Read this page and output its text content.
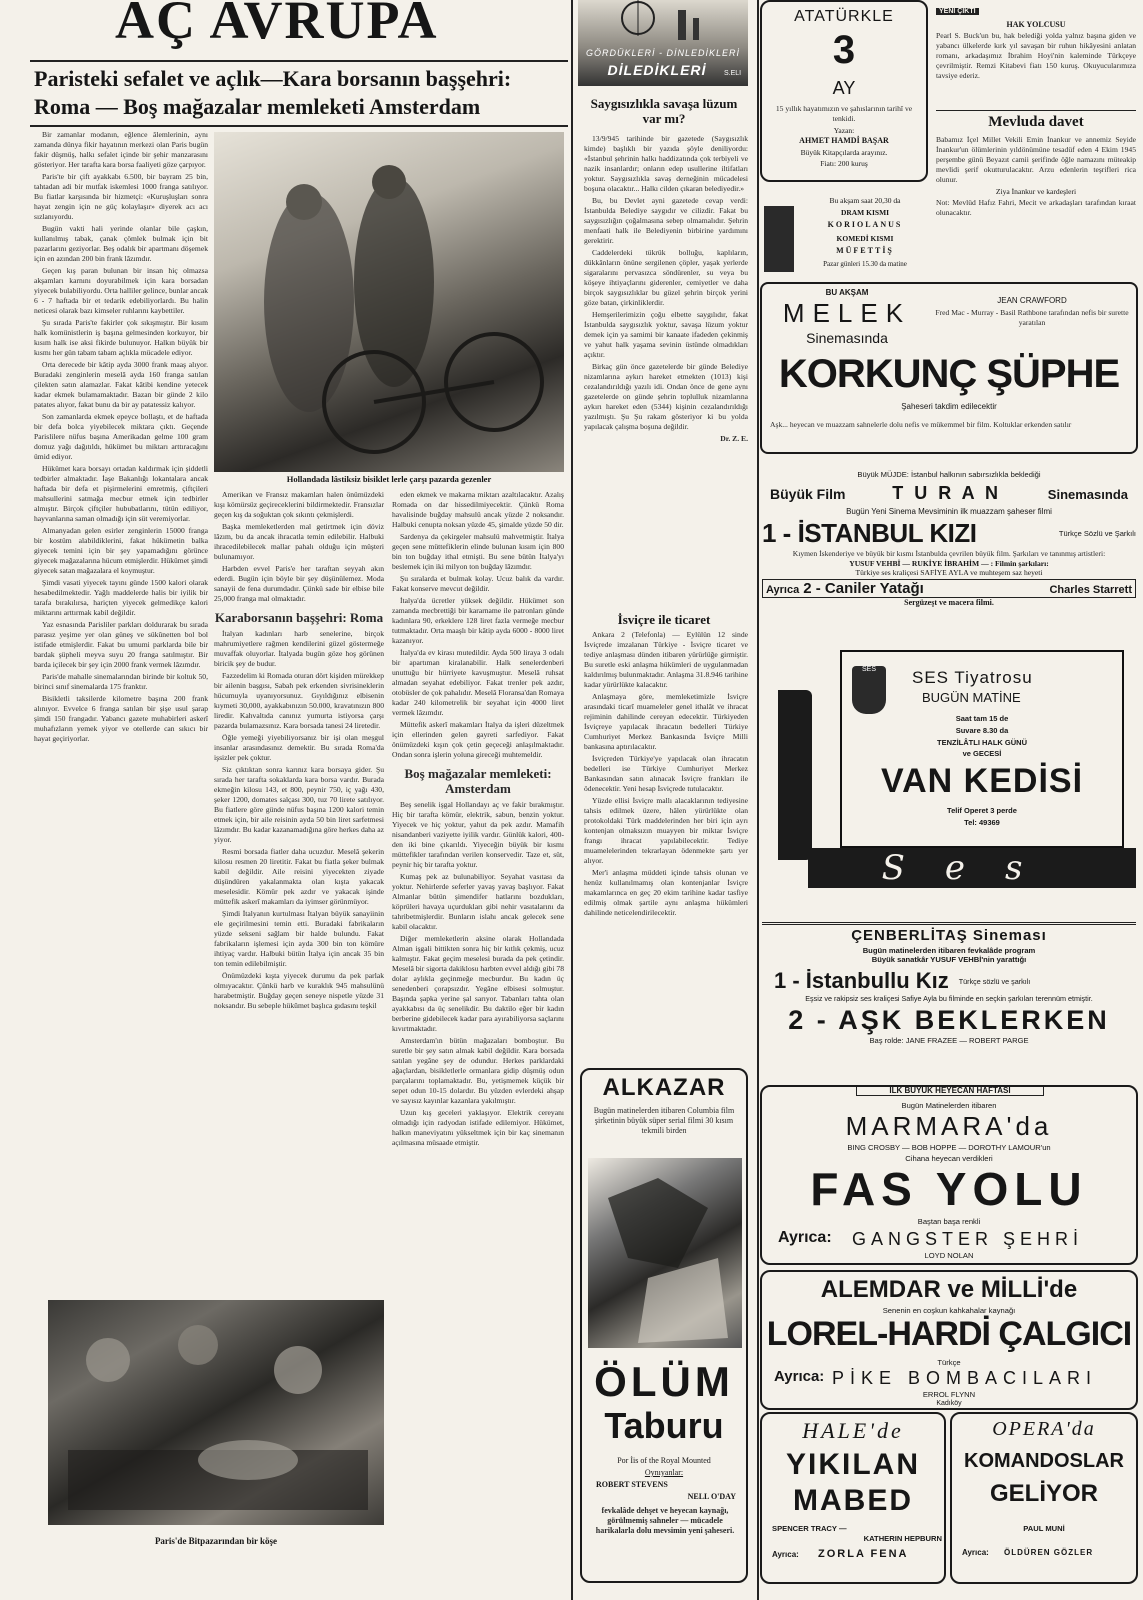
AÇ AVRUPA
Paristeki sefalet ve açlık—Kara borsanın başşehri:
Roma — Boş mağazalar memleketi Amsterdam

Bir zamanlar modanın, eğlence âlemlerinin, aynı zamanda dünya fikir hayatının merkezi olan Paris bugün fakir düşmüş, halkı sefalet içinde bir şehir manzarasını gösteriyor. Her tarafta kara borsa faaliyeti göze çarpıyor.

Paris'te bir çift ayakkabı 6.500, bir bayram 25 bin, tahtadan adi bir mutfak iskemlesi 1000 franga satılıyor. Bu fiatlar karşısında bir hizmetçi: «Kuruşluşları sonra hayat zengin için ne güç kolaylaşır» diyerek acı acı sızlanıyordu.

Bugün vakti hali yerinde olanlar bile çaşkın, kullanılmış tabak, çanak çömlek bulmak için bit pazarlarını geziyorlar. Beş odalık bir apartmanı döşemek için en azından 200 bin frank lâzımdır.

Geçen kış paran bulunan bir insan hiç olmazsa akşamları karnını doyurabilmek için kara borsadan yiyecek bulabiliyordu. Orta halliler gelince, bunlar ancak 6 - 7 haftada bir et tedarik edebiliyorlardı. Bu halin neticesi olarak bazı kimseler ruhlarını kaybettiler.

Şu sırada Paris'te fakirler çok sıkışmıştır. Bir kısım halk komünistlerin iş başına gelmesinden korkuyor, bir kısım halk ise aksi fikirde bulunuyor. Halkın büyük bir kısmı her gün tabam tabam açlıkla mücadele ediyor.

Orta derecede bir kâtip ayda 3000 frank maaş alıyor. Buradaki zenginlerin meselâ ayda 160 franga satılan çilekten satın alamazlar. Fakat kâtibi kendine yetecek kadar ekmek bulamamaktadır. Bazan bir günde 2 kilo patates alıyor, fakat bunu da bir ay patatessiz kalıyor.

Son zamanlarda ekmek epeyce bollaştı, et de haftada bir defa bolca yiyebilecek miktara çıktı. Geçende Parislilere nüfus başına Amerikadan gelme 100 gram domuz yağı dağıtıldı, hükümet bu miktarı arttıracağını ümid ediyor.

Hükümet kara borsayı ortadan kaldırmak için şiddetli tedbirler almaktadır. İaşe Bakanlığı lokantalara ancak haftada bir defa et pişirmelerini emretmiş, çiftçileri mahsullerini satmağa mecbur etmek için tedbirler almıştır. Birçok çiftçiler hububatlarını, tütün ediliyor, hayvanlarına saman olmadığı için süt veremiyorlar.

Almanyadan gelen esirler zenginlerin 15000 franga bir kostüm alabildiklerini, fakat hükümetin balka giyecek temini için bir şey yapamadığını görünce giyecek mağazalarına hücum etmişlerdir. Hükümet şimdi giyecek satan mağazalara el koymuştur.

Şimdi vasati yiyecek tayını günde 1500 kalori olarak hesabedilmektedir. Yağlı maddelerde halis bir iyilik bir tarafa bırakılırsa, hariçten yiyecek gelmedikçe kalori miktarını arttırmak kabil değildir.

Yaz esnasında Parisliler parkları doldurarak bu sırada parasız yeşime yer olan güneş ve sükûnetten bol bol istifade etmişlerdir. Fakat bu umumi parklarda bile bir bardak şüpheli meyva suyu 20 franga satılmıştır. Bir barda içilecek bir şey için 2000 frank vermek lâzımdır.

Paris'de mahalle sinemalarından birinde bir koltuk 50, birinci sınıf sinemalarda 175 franktır.

Bisikletli taksilerde kilometre başına 200 frank alınıyor. Evvelce 6 franga satılan bir şişe usul şarap şimdi 150 frangadır. Yabancı gazete muhabirleri askerî muhafızların yemek yiyor ve otellerde can sıkıcı bir hayat geçiriyorlar.

Hollandada lâstiksiz bisiklet lerle çarşı pazarda gezenler

Amerikan ve Fransız makamları halen önümüzdeki kışı kömürsüz geçireceklerini bildirmektedir. Fransızlar geçen kış da soğuktan çok sıkıntı çekmişlerdi.

Başka memleketlerden mal getirtmek için döviz lâzım, bu da ancak ihracatla temin edilebilir. Halbuki ihracedilebilecek mallar pahalı olduğu için müşteri bulunamıyor.

Harbden evvel Paris'e her taraftan seyyah akın ederdi. Bugün için böyle bir şey düşünülemez. Moda sanayii de fena durumdadır. Çünkü sade bir elbise bile 25,000 franga mal olmaktadır.

Karaborsanın başşehri: Roma

İtalyan kadınları harb senelerine, birçok mahrumiyetlere rağmen kendilerini güzel göstermeğe muvaffak oluyorlar. İtalyada bugün göze hoş görünen biricik şey de budur.

Fazzedelim ki Romada oturan dört kişiden mürekkep bir ailenin başgısı, Sabah pek erkenden sivrisineklerin hücumuyla uyanıyorsunuz. Gıyıldığınız elbisenin kıymeti 30,000, ayakkabınızın 50.000, kravatınızın 800 liredir. Kahvaltıda canınız yumurta istiyorsa çarşı pazarda bulamazsınız. Kara borsada tanesi 24 liretedir.

Öğle yemeği yiyebiliyorsanız bir işi olan meşgul insanlar arasındasınız demektir. Bu sırada Roma'da işsizler pek çoktur.

Siz çıktıktan sonra karınız kara borsaya gider. Şu sırada her tarafta sokaklarda kara borsa vardır. Burada ekmeğin kilosu 143, et 800, peynir 750, iç yağı 430, şeker 1200, domates salçası 300, tuz 70 lirete satılıyor. Bu fiatlere göre günde nüfus başına 1200 kalori temin etmek için, bir aile reisinin ayda 50 bin liret sarfetmesi lâzımdır. Bu kadar kazanamadığına göre herkes daha az yiyor.

Resmi borsada fiatler daha ucuzdur. Meselâ şekerin kilosu resmen 20 liretitir. Fakat bu fiatla şeker bulmak kabil değildir. Aile reisini yiyecekten ziyade düşündüren yakalanmakta olan kışta yakacak meselesidir. Kömür pek azdır ve yakacak işinde müttefik askerî makamları da iyimser görünmüyor.

Şimdi İtalyanın kurtulması İtalyan büyük sanayiinin ele geçirilmesini temin etti. Buradaki fabrikaların yüzde sekseni sağlam bir halde bulundu. Fakat fabrikaların işlemesi için ayda 300 bin ton kömüre ihtiyaç vardır. Halbuki bütün İtalya için ancak 35 bin ton temin edilebilmiştir.

Önümüzdeki kışta yiyecek durumu da pek parlak olmıyacaktır. Çünkü harb ve kuraklık 945 mahsulünü harabetmiştir. Buğday geçen seneye nispetle yüzde 31 noksandır. Bu sebeple hükûmet başlıca gıdasını teşkil

eden ekmek ve makarna miktarı azaltılacaktır. Azalış Romada on dar hissedilmiyecektir. Çünkü Roma havalisinde buğday mahsulü ancak yüzde 2 noksandır. Halbuki cenupta noksan yüzde 45, şimalde yüzde 50 dir.

Sardenya da çekirgeler mahsulü mahvetmiştir. İtalya geçen sene müttefiklerin elinde bulunan kısım için 800 bin ton buğday ithal etmişti. Bu sene bütün İtalya'yı beslemek için iki milyon ton buğday lâzımdır.

Şu sıralarda et bulmak kolay. Ucuz balık da vardır. Fakat konserve mevcut değildir.

İtalya'da ücretler yüksek değildir. Hükümet son zamanda mecbrettiği bir kararname ile patronları günde kadınlara 90, erkeklere 128 liret fazla vermeğe mecbur tutmaktadır. Orta maaşlı bir kâtip ayda 6000 - 8000 liret kazanıyor.

İtalya'da ev kirası mutedildir. Ayda 500 liraya 3 odalı bir apartıman kiralanabilir. Halk senelerdenberi unuttuğu bir hürriyete kavuşmuştur. Meselâ ruhsat almadan seyahat edebiliyor. Fakat trenler pek azdır, otobüsler de çok pahalıdır. Meselâ Floransa'dan Romaya kadar 240 kilometrelik bir seyahat için 4000 liret vermek lâzımdır.

Müttefik askerî makamları İtalya da işleri düzeltmek için ellerinden gelen gayreti sarfediyor. Fakat önümüzdeki kışın çok çetin geçeceği anlaşılmaktadır. Ondan sonra işlerin yoluna gireceği muhtemeldir.

Boş mağazalar memleketi: Amsterdam

Beş senelik işgal Hollandayı aç ve fakir bırakmıştır. Hiç bir tarafta kömür, elektrik, sabun, benzin yoktur. Yiyecek ve hiç yoktur, yahut da pek azdır. Mamafih nisandanberi vaziyette iyilik vardır. Günlük kalori, 400-den iki bine çıkarıldı. Yiyeceğin büyük bir kısmı müttefikler tarafından verilen konservedir. Taze et, süt, peynir hiç bir tarafta yoktur.

Kumaş pek az bulunabiliyor. Seyahat vasıtası da yoktur. Nehirlerde seferler yavaş yavaş başlıyor. Fakat Almanlar bütün şimendifer hatlarını bozdukları, köprüleri havaya uçurdukları gibi nehir vasıtalarını da tahribetmişlerdir. Bunların islahı ancak gelecek sene kabil olacaktır.

Diğer memleketlerin aksine olarak Hollandada Alman işgali bittikten sonra hiç bir kıtlık çekmiş, ucuz kalmıştır. Fakat geçim meselesi burada da pek çetindir. Meselâ bir sigorta dakiklosu harbten evvel aldığı gibi 78 dolar aylıkla geçinmeğe mecburdur. Bu kadın üç senedenberi çorapsızdır. Yegâne elbisesi solmuştur. Başında şapka yerine şal sarıyor. Tabanları tahta olan ayakkabısı da üç senelikdir. Bu daktilo eğer bir kadın berberine gidebilecek kadar para ayırabiliyorsa saçlarını kıvırtmaktadır.

Amsterdam'ın bütün mağazaları bomboştur. Bu suretle bir şey satın almak kabil değildir. Kara borsada satılan yegâne şey de odundur. Herkes parklardaki ağaçlardan, bisikletlerle ormanlara gidip düşmüş odun parçalarını toplamaktadır. Bu, yetişmemek küçük bir sepet odun 10-15 dolardır. Bu yüzden evlerdeki ahşap ve sayısız kayınlar kazanlara yakılmıştır.

Uzun kış geceleri yaklaşıyor. Elektrik cereyanı olmadığı için radyodan istifade edilemiyor. Hükümet, halkın maneviyatını yükseltmek için bir kaç sinemanın açılmasına müsaade etmiştir.

Paris'de Bitpazarından bir köşe
GÖRDÜKLERİ - DİNLEDİKLERİ
DİLEDİKLERİ	S.ELI
Saygısızlıkla savaşa lüzum var mı?

13/9/945 tarihinde bir gazetede (Saygısızlık kimde) başlıklı bir yazıda şöyle deniliyordu: «İstanbul şehrinin halkı haddizatında çok terbiyeli ve nazik insanlardır; onların edep usullerine iltifatları yoktur. Saygısızlıkla savaş derneğinin mücadelesi boşuna olacaktır... Halkı cilden çıkaran belediyedir.»

Bu, bu Devlet ayni gazetede cevap verdi: İstanbulda Belediye saygıdır ve cilizdir. Fakat bu saygısızlığın çoğalmasına sebep olmamalıdır. Şehrin menfaati halk ile Belediyenin birbirine yardımını gerektirir.

Caddelerdeki tükrük bolluğu, kaplıların, dükkânların önüne sergilenen çöpler, yaşak yerlerde sigaralarını pervasızca söndürenler, su veya bu köşeye ihtiyaçlarını giderenler, cemiyetler ve daha birçok saygısızlıklar bu güzel şehrin birçok yerini göze batan, çirkinliklerdir.

Hemşerilerimizin çoğu elbette saygılıdır, fakat İstanbulda saygısızlık yoktur, savaşa lüzum yoktur demek için ya samimi bir kanaate ifadeden çekinmiş ve yahut halk yaşama sevinin üstünde olmadıkları açıktır.

Birkaç gün önce gazetelerde bir günde Belediye nizamlarına aykırı hareket etmekten (1013) kişi cezalandırıldığı yazılı idi. Ondan önce de gene aynı gazetelerde on günde şehrin toplulluk nizamlarına aykırı hareket eden (5344) kişinin cezalandırıldığı yazılmıştı. Şu Şu rakam gösteriyor ki bu yolda yapılacak çalışma boşuna değildir.

Dr. Z. E.
İsviçre ile ticaret

Ankara 2 (Telefonla) — Eylülün 12 sinde İsviçrede imzalanan Türkiye - İsviçre ticaret ve tediye anlaşması dünden itibaren yürürlüğe girmiştir. Bu suretle eski anlaşma hükümleri de uygulanmadan kaldırılmış bulunmaktadır. Anlaşma 31.8.946 tarihine kadar yürürlükte kalacaktır.

Anlaşmaya göre, memleketimizle İsviçre arasındaki ticarî muameleler genel ithalât ve ihracat rejiminin dahilinde cereyan edecektir. Türkiyeden İsviçreye yapılacak ihracatın bedelleri Türkiye Cumhuriyet Merkez Bankasında İsviçre Milli bankasına aptırılacaktır.

İsviçreden Türkiye'ye yapılacak olan ihracatın bedelleri ise Türkiye Cumhuriyet Merkez Bankasından satın alınacak İsviçre frankları ile ödenecektir. Yeni hesap İsviçrede tutulacaktır.

Yüzde ellisi İsviçre mallı alacaklarının tediyesine tahsis edilmek üzere, hâlen yürürlükte olan protokoldaki Türk maddelerinden her biri için ayrı kontenjan olmaksızın muayyen bir miktar İsviçre frangı ihracat yapılabilecektir. Tediye muamelelerinden tekrarlayan ödenmekte şartı yer alıyor.

Mer'i anlaşma müddeti içinde tahsis olunan ve henüz kullanılmamış olan kontenjanlar İsviçre makamlarınca en geç 20 ekim tarihine kadar tasfiye edilmiş olmak şartile aynı anlaşma hükümleri dahilinde neticelendirilecektir.

ALKAZAR
Bugün matinelerden itibaren Columbia film şirketinin büyük süper serial filmi 30 kısım tekmili birden
ÖLÜM
Taburu
Por İis of the Royal Mounted
Oynıyanlar:
ROBERT STEVENS
NELL O'DAY
fevkalâde dehşet ve heyecan kaynağı, görülmemiş sahneler — mücadele harikalarla dolu mevsimin yeni şaheseri.
ATATÜRKLE
3
AY
15 yıllık hayatımızın ve şahıslarının tarihî ve tenkidi.
Yazan:
AHMET HAMDİ BAŞAR
Büyük Kitapçılarda arayınız.
Fiatı: 200 kuruş
YENİ ÇIKTI
HAK YOLCUSU
Pearl S. Buck'un bu, hak belediği yolda yalnız başına giden ve yabancı ülkelerde kırk yıl savaşan bir ruhun hikâyesini anlatan romanı, arkadaşımız İbrahim Hoyi'nin kaleminde Türkçeye çevrilmiştir. Remzi Kitabevi fiatı 150 kuruş. Okuyucularımıza tavsiye ederiz.
Mevluda davet
Babamız İçel Millet Vekili Emin İnankur ve annemiz Seyide İnankur'un ölümlerinin yıldönümüne tesadüf eden 4 Ekim 1945 perşembe günü Beyazıt camii şerifinde öğle namazını müteakip mevlidi şerif okutturulacaktır. Arzu edenlerin teşrifleri rica olunur.
Ziya İnankur ve kardeşleri
Not: Mevlüd Hafız Fahri, Mecit ve arkadaşları tarafından kıraat olunacaktır.
Bu akşam saat 20,30 da
DRAM KISMI
KORIOLANUS
KOMEDİ KISMI
MÜFETTİŞ
Pazar günleri 15.30 da matine
BU AKŞAM
MELEK
Sinemasında
JEAN CRAWFORD
Fred Mac - Murray - Basil Rathbone tarafından nefis bir surette yaratılan
KORKUNÇ ŞÜPHE
Şaheseri takdim edilecektir
Aşk... heyecan ve muazzam sahnelerle dolu nefis ve mükemmel bir film. Koltuklar erkenden satılır
Büyük MÜJDE: İstanbul halkının sabırsızlıkla beklediği
Büyük Film	T U R A N	Sinemasında
Bugün Yeni Sinema Mevsiminin ilk muazzam şaheser filmi
1 - İSTANBUL KIZI	Türkçe Sözlü ve Şarkılı
Kıymen İskenderiye ve büyük bir kısmı İstanbulda çevrilen büyük film. Şarkıları ve tanınmış artistleri:
YUSUF VEHBİ — RUKİYE İBRAHİM — : Filmin şarkıları:
Türkiye ses kraliçesi SAFİYE AYLA ve muhteşem saz heyeti
Ayrıca 2 - Caniler Yatağı	Charles Starrett
Sergüzeşt ve macera filmi.
Ses
SES	SES Tiyatrosu
BUGÜN MATİNE
Saat tam 15 de
Suvare 8.30 da
TENZİLÂTLI HALK GÜNÜ
ve GECESİ
VAN KEDİSİ
Telif Operet 3 perde
Tel: 49369
ÇENBERLİTAŞ Sineması
Bugün matinelerden itibaren fevkalâde program
Büyük sanatkâr YUSUF VEHBİ'nin yarattığı
1 - İstanbullu Kız Türkçe sözlü ve şarkılı
Eşsiz ve rakipsiz ses kraliçesi Safiye Ayla bu filminde en seçkin şarkıları terennüm etmiştir.
2 - AŞK BEKLERKEN
Baş rolde: JANE FRAZEE — ROBERT PARGE
İLK BÜYÜK HEYECAN HAFTASI
Bugün Matinelerden itibaren
MARMARA'da
BING CROSBY — BOB HOPPE — DOROTHY LAMOUR'un
Cihana heyecan verdikleri
FAS YOLU
Baştan başa renkli
Ayrıca: GANGSTER ŞEHRİ
LOYD NOLAN
ALEMDAR ve MİLLİ'de
Senenin en coşkun kahkahalar kaynağı
LOREL-HARDİ ÇALGICI
Türkçe
Ayrıca: PİKE BOMBACILARI
ERROL FLYNN
Kadıköy
HALE'de
YIKILAN
MABED
SPENCER TRACY —
KATHERIN HEPBURN
Ayrıca: ZORLA FENA
OPERA'da
KOMANDOSLAR
GELİYOR
PAUL MUNİ
Ayrıca: ÖLDÜREN GÖZLER
